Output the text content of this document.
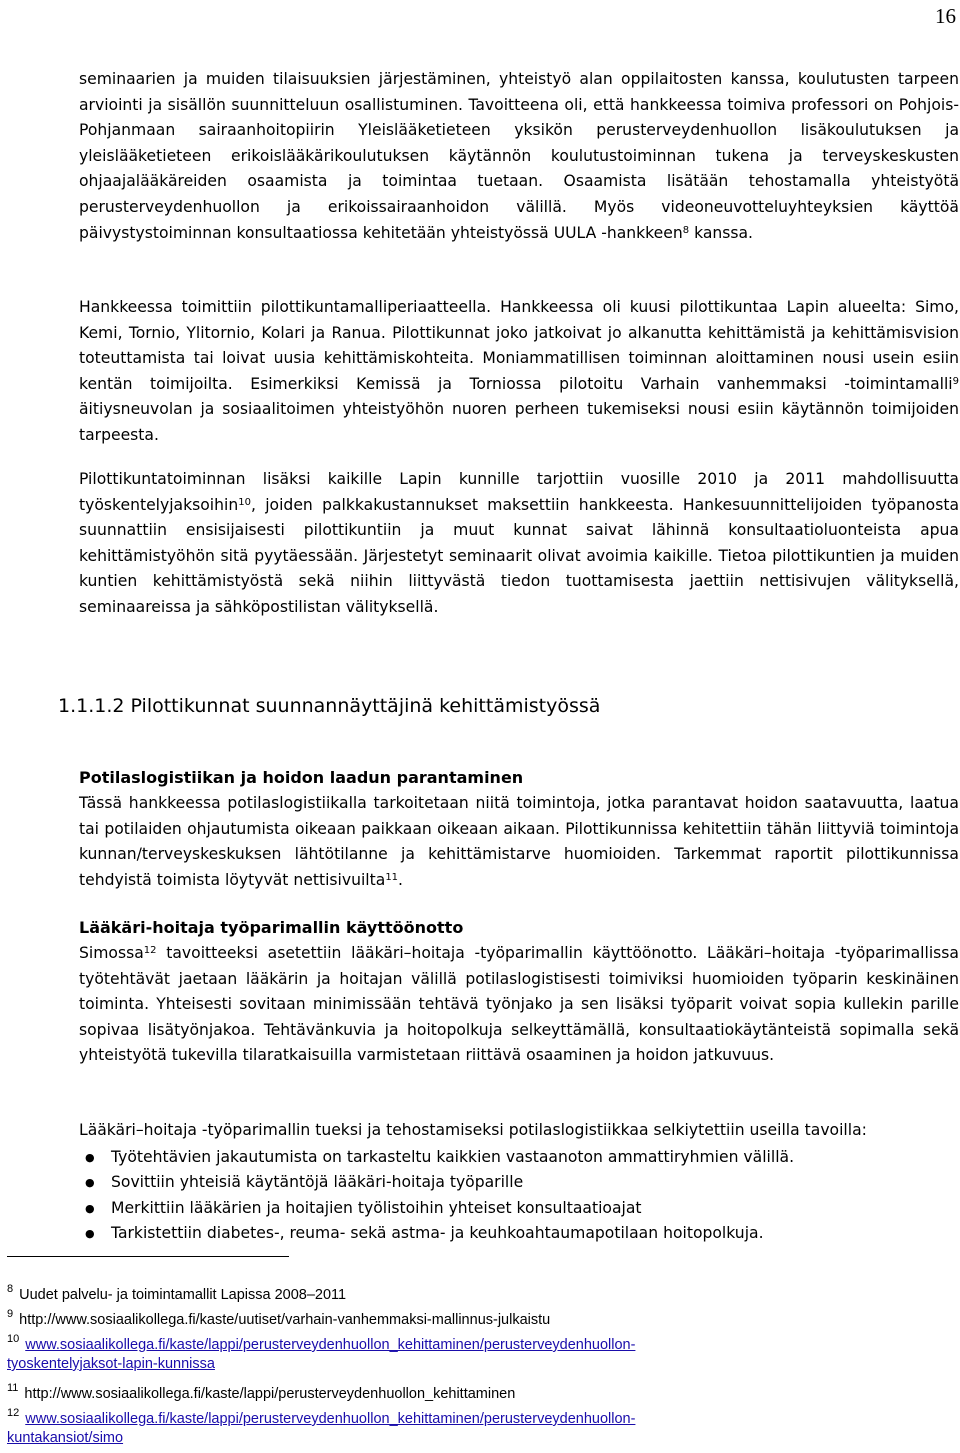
16

seminaarien ja muiden tilaisuuksien järjestäminen, yhteistyö alan oppilaitosten kanssa, koulutusten tarpeen arviointi ja sisällön suunnitteluun osallistuminen. Tavoitteena oli, että hankkeessa toimiva professori on Pohjois-Pohjanmaan sairaanhoitopiirin Yleislääketieteen yksikön perusterveydenhuollon lisäkoulutuksen ja yleislääketieteen erikoislääkärikoulutuksen käytännön koulutustoiminnan tukena ja terveyskeskusten ohjaajalääkäreiden osaamista ja toimintaa tuetaan. Osaamista lisätään tehostamalla yhteistyötä perusterveydenhuollon ja erikoissairaanhoidon välillä. Myös videoneuvotteluyhteyksien käyttöä päivystystoiminnan konsultaatiossa kehitetään yhteistyössä UULA -hankkeen$^8$ kanssa.

Hankkeessa toimittiin pilottikuntamalliperiaatteella. Hankkeessa oli kuusi pilottikuntaa Lapin alueelta: Simo, Kemi, Tornio, Ylitornio, Kolari ja Ranua. Pilottikunnat joko jatkoivat jo alkanutta kehittämistä ja kehittämisvision toteuttamista tai loivat uusia kehittämiskohteita. Moniammatillisen toiminnan aloittaminen nousi usein esiin kentän toimijoilta. Esimerkiksi Kemissä ja Torniossa pilotoitu Varhain vanhemmaksi -toimintamalli$^9$ äitiysneuvolan ja sosiaalitoimen yhteistyöhön nuoren perheen tukemiseksi nousi esiin käytännön toimijoiden tarpeesta.

Pilottikuntatoiminnan lisäksi kaikille Lapin kunnille tarjottiin vuosille 2010 ja 2011 mahdollisuutta työskentelyjaksoihin$^{10}$, joiden palkkakustannukset maksettiin hankkeesta. Hankesuunnittelijoiden työpanosta suunnattiin ensisijaisesti pilottikuntiin ja muut kunnat saivat lähinnä konsultaatioluonteista apua kehittämistyöhön sitä pyytäessään. Järjestetyt seminaarit olivat avoimia kaikille. Tietoa pilottikuntien ja muiden kuntien kehittämistyöstä sekä niihin liittyvästä tiedon tuottamisesta jaettiin nettisivujen välityksellä, seminaareissa ja sähköpostilistan välityksellä.

1.1.1.2 Pilottikunnat suunnannäyttäjinä kehittämistyössä
Potilaslogistiikan ja hoidon laadun parantaminen

Tässä hankkeessa potilaslogistiikalla tarkoitetaan niitä toimintoja, jotka parantavat hoidon saatavuutta, laatua tai potilaiden ohjautumista oikeaan paikkaan oikeaan aikaan. Pilottikunnissa kehitettiin tähän liittyviä toimintoja kunnan/terveyskeskuksen lähtötilanne ja kehittämistarve huomioiden. Tarkemmat raportit pilottikunnissa tehdyistä toimista löytyvät nettisivuilta$^{11}$.

Lääkäri-hoitaja työparimallin käyttöönotto

Simossa$^{12}$ tavoitteeksi asetettiin lääkäri–hoitaja -työparimallin käyttöönotto. Lääkäri–hoitaja -työparimallissa työtehtävät jaetaan lääkärin ja hoitajan välillä potilaslogistisesti toimiviksi huomioiden työparin keskinäinen toiminta. Yhteisesti sovitaan minimissään tehtävä työnjako ja sen lisäksi työparit voivat sopia kullekin parille sopivaa lisätyönjakoa. Tehtävänkuvia ja hoitopolkuja selkeyttämällä, konsultaatiokäytänteistä sopimalla sekä yhteistyötä tukevilla tilaratkaisuilla varmistetaan riittävä osaaminen ja hoidon jatkuvuus.

Lääkäri–hoitaja -työparimallin tueksi ja tehostamiseksi potilaslogistiikkaa selkiytettiin useilla tavoilla:

● Työtehtävien jakautumista on tarkasteltu kaikkien vastaanoton ammattiryhmien välillä.
● Sovittiin yhteisiä käytäntöjä lääkäri-hoitaja työparille
● Merkittiin lääkärien ja hoitajien työlistoihin yhteiset konsultaatioajat
● Tarkistettiin diabetes-, reuma- sekä astma- ja keuhkoahtaumapotilaan hoitopolkuja.
$^8$ Uudet palvelu- ja toimintamallit Lapissa 2008–2011
$^9$ http://www.sosiaalikollega.fi/kaste/uutiset/varhain-vanhemmaksi-mallinnus-julkaistu
$^{10}$ www.sosiaalikollega.fi/kaste/lappi/perusterveydenhuollon_kehittaminen/perusterveydenhuollon-
tyoskentelyjaksot-lapin-kunnissa
$^{11}$ http://www.sosiaalikollega.fi/kaste/lappi/perusterveydenhuollon_kehittaminen
$^{12}$ www.sosiaalikollega.fi/kaste/lappi/perusterveydenhuollon_kehittaminen/perusterveydenhuollon-
kuntakansiot/simo
